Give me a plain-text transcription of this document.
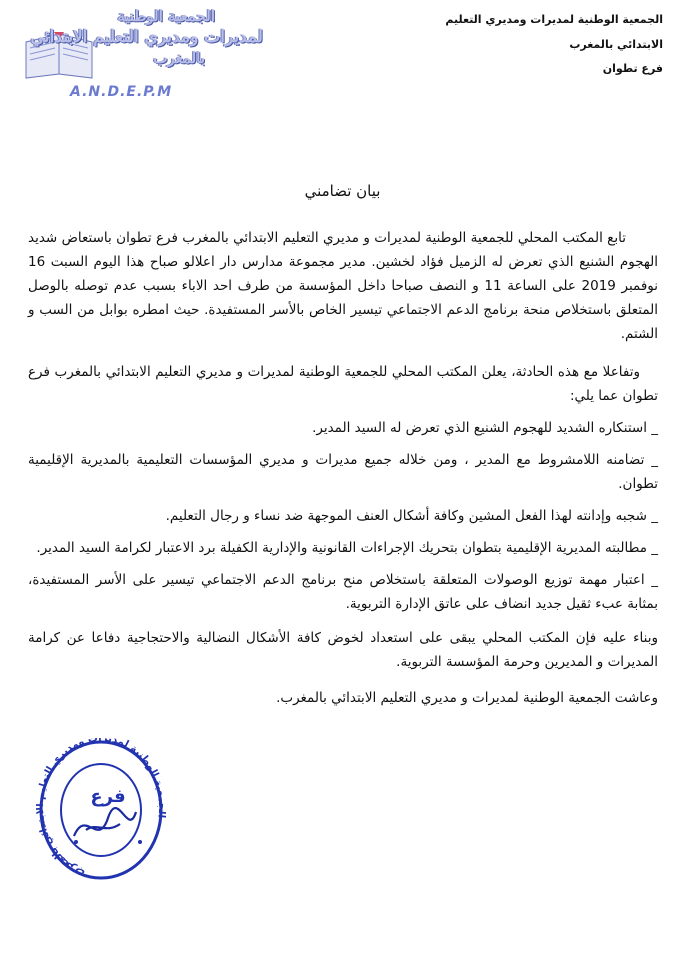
الجمعية الوطنية
لمديرات ومديري التعليم الابتدائي
بالمغرب
A.N.D.E.P.M
الجمعية الوطنية لمديرات ومديري التعليم
الابتدائي بالمغرب
فرع تطوان
بيان تضامني

تابع المكتب المحلي للجمعية الوطنية لمديرات و مديري التعليم الابتدائي بالمغرب فرع تطوان باستعاض شديد الهجوم الشنيع الذي تعرض له الزميل فؤاد لخشين. مدير مجموعة مدارس دار اعلالو صباح هذا اليوم السبت 16 نوفمبر 2019 على الساعة 11 و النصف صباحا داخل المؤسسة من طرف احد الاباء بسبب عدم توصله بالوصل المتعلق باستخلاص منحة برنامج الدعم الاجتماعي تيسير الخاص بالأسر المستفيدة. حيث امطره بوابل من السب و الشتم.

وتفاعلا مع هذه الحادثة، يعلن المكتب المحلي للجمعية الوطنية لمديرات و مديري التعليم الابتدائي بالمغرب فرع تطوان عما يلي:

_ استنكاره الشديد للهجوم الشنيع الذي تعرض له السيد المدير.

_ تضامنه اللامشروط مع المدير ، ومن خلاله جميع مديرات و مديري المؤسسات التعليمية بالمديرية الإقليمية تطوان.

_ شجبه وإدانته لهذا الفعل المشين وكافة أشكال العنف الموجهة ضد نساء و رجال التعليم.

_ مطالبته المديرية الإقليمية بتطوان بتحريك الإجراءات القانونية والإدارية الكفيلة برد الاعتبار لكرامة السيد المدير.

_ اعتبار مهمة توزيع الوصولات المتعلقة باستخلاص منح برنامج الدعم الاجتماعي تيسير على الأسر المستفيدة، بمثابة عبء ثقيل جديد انضاف على عاتق الإدارة التربوية.

وبناء عليه فإن المكتب المحلي يبقى على استعداد لخوض كافة الأشكال النضالية والاحتجاجية دفاعا عن كرامة المديرات و المديرين وحرمة المؤسسة التربوية.

وعاشت الجمعية الوطنية لمديرات و مديري التعليم الابتدائي بالمغرب.

الجمعية الوطنية لمديرات ومديري التعليم الابتدائي بالمغرب
فرع
